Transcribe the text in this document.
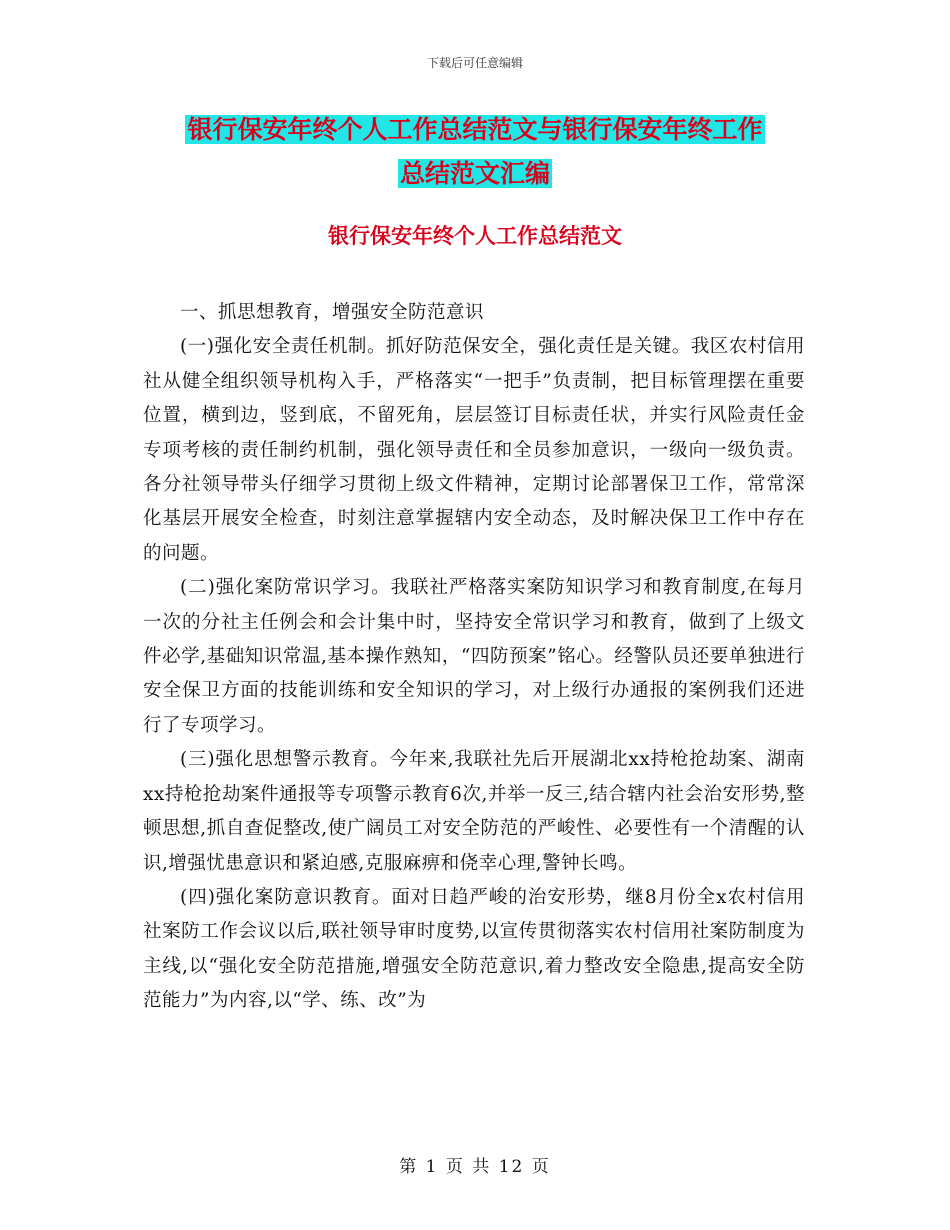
下载后可任意编辑
银行保安年终个人工作总结范文与银行保安年终工作
总结范文汇编
银行保安年终个人工作总结范文

一、抓思想教育，增强安全防范意识

(一)强化安全责任机制。抓好防范保安全，强化责任是关键。我区农村信用社从健全组织领导机构入手，严格落实“一把手”负责制，把目标管理摆在重要位置，横到边，竖到底，不留死角，层层签订目标责任状，并实行风险责任金专项考核的责任制约机制，强化领导责任和全员参加意识，一级向一级负责。各分社领导带头仔细学习贯彻上级文件精神，定期讨论部署保卫工作，常常深化基层开展安全检查，时刻注意掌握辖内安全动态，及时解决保卫工作中存在的问题。

(二)强化案防常识学习。我联社严格落实案防知识学习和教育制度,在每月一次的分社主任例会和会计集中时，坚持安全常识学习和教育，做到了上级文件必学,基础知识常温,基本操作熟知，“四防预案”铭心。经警队员还要单独进行安全保卫方面的技能训练和安全知识的学习，对上级行办通报的案例我们还进行了专项学习。

(三)强化思想警示教育。今年来,我联社先后开展湖北xx持枪抢劫案、湖南xx持枪抢劫案件通报等专项警示教育6次,并举一反三,结合辖内社会治安形势,整顿思想,抓自查促整改,使广阔员工对安全防范的严峻性、必要性有一个清醒的认识,增强忧患意识和紧迫感,克服麻痹和侥幸心理,警钟长鸣。

(四)强化案防意识教育。面对日趋严峻的治安形势，继8月份全x农村信用社案防工作会议以后,联社领导审时度势,以宣传贯彻落实农村信用社案防制度为主线,以“强化安全防范措施,增强安全防范意识,着力整改安全隐患,提高安全防范能力”为内容,以“学、练、改”为

第 1 页 共 12 页
